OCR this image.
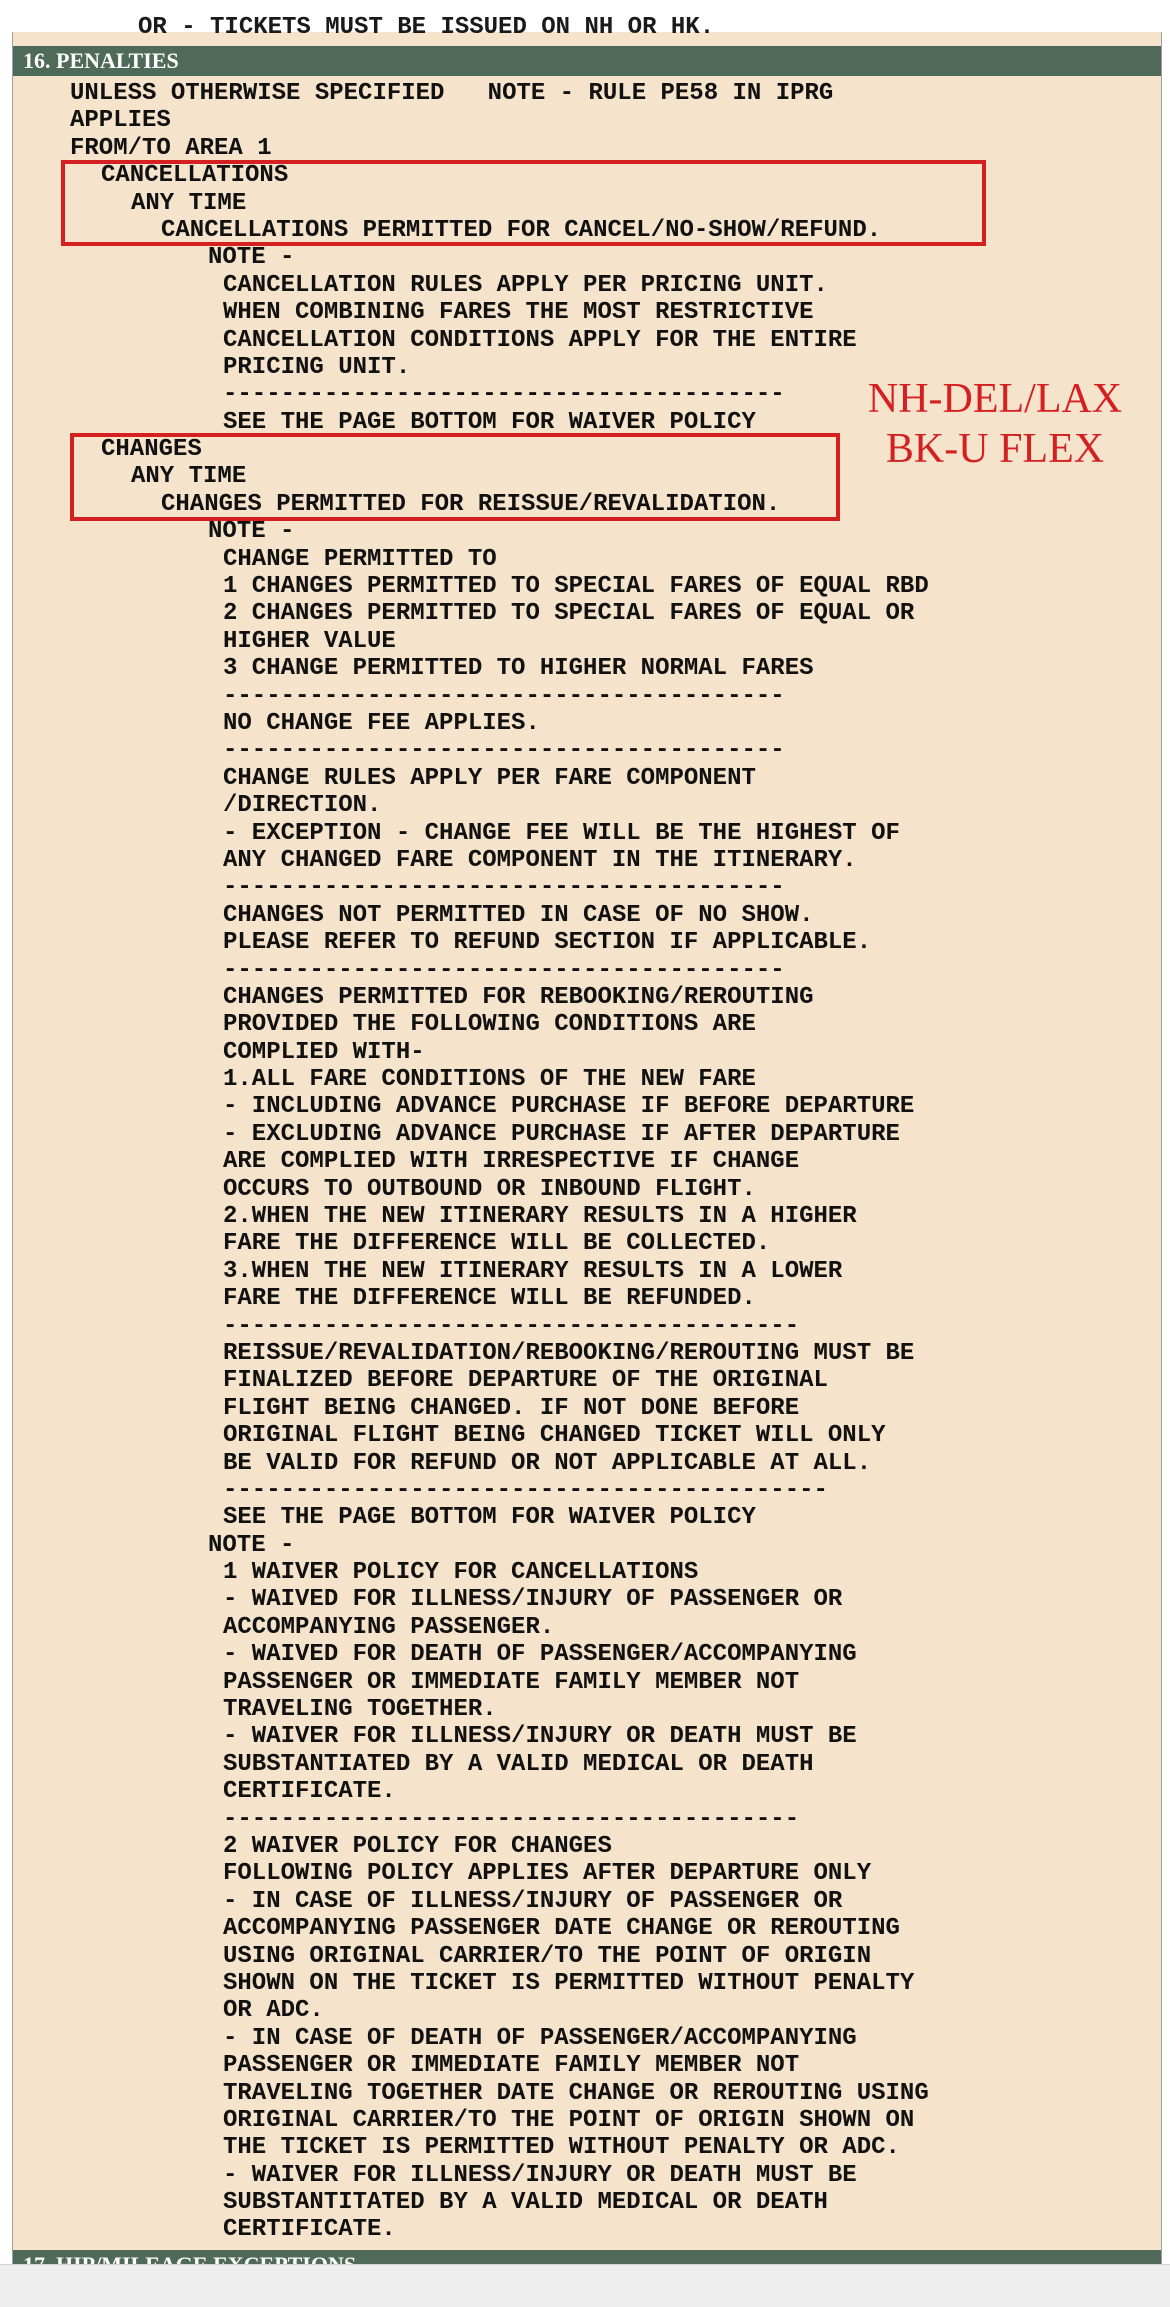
OR - TICKETS MUST BE ISSUED ON NH OR HK.
16. PENALTIES
UNLESS OTHERWISE SPECIFIED   NOTE - RULE PE58 IN IPRG
APPLIES
FROM/TO AREA 1
CANCELLATIONS
ANY TIME
CANCELLATIONS PERMITTED FOR CANCEL/NO-SHOW/REFUND.
NOTE -
CANCELLATION RULES APPLY PER PRICING UNIT.
WHEN COMBINING FARES THE MOST RESTRICTIVE
CANCELLATION CONDITIONS APPLY FOR THE ENTIRE
PRICING UNIT.
---------------------------------------
SEE THE PAGE BOTTOM FOR WAIVER POLICY
CHANGES
ANY TIME
CHANGES PERMITTED FOR REISSUE/REVALIDATION.
NOTE -
CHANGE PERMITTED TO
1 CHANGES PERMITTED TO SPECIAL FARES OF EQUAL RBD
2 CHANGES PERMITTED TO SPECIAL FARES OF EQUAL OR
HIGHER VALUE
3 CHANGE PERMITTED TO HIGHER NORMAL FARES
---------------------------------------
NO CHANGE FEE APPLIES.
---------------------------------------
CHANGE RULES APPLY PER FARE COMPONENT
/DIRECTION.
- EXCEPTION - CHANGE FEE WILL BE THE HIGHEST OF
ANY CHANGED FARE COMPONENT IN THE ITINERARY.
---------------------------------------
CHANGES NOT PERMITTED IN CASE OF NO SHOW.
PLEASE REFER TO REFUND SECTION IF APPLICABLE.
---------------------------------------
CHANGES PERMITTED FOR REBOOKING/REROUTING
PROVIDED THE FOLLOWING CONDITIONS ARE
COMPLIED WITH-
1.ALL FARE CONDITIONS OF THE NEW FARE
- INCLUDING ADVANCE PURCHASE IF BEFORE DEPARTURE
- EXCLUDING ADVANCE PURCHASE IF AFTER DEPARTURE
ARE COMPLIED WITH IRRESPECTIVE IF CHANGE
OCCURS TO OUTBOUND OR INBOUND FLIGHT.
2.WHEN THE NEW ITINERARY RESULTS IN A HIGHER
FARE THE DIFFERENCE WILL BE COLLECTED.
3.WHEN THE NEW ITINERARY RESULTS IN A LOWER
FARE THE DIFFERENCE WILL BE REFUNDED.
----------------------------------------
REISSUE/REVALIDATION/REBOOKING/REROUTING MUST BE
FINALIZED BEFORE DEPARTURE OF THE ORIGINAL
FLIGHT BEING CHANGED. IF NOT DONE BEFORE
ORIGINAL FLIGHT BEING CHANGED TICKET WILL ONLY
BE VALID FOR REFUND OR NOT APPLICABLE AT ALL.
------------------------------------------
SEE THE PAGE BOTTOM FOR WAIVER POLICY
NOTE -
1 WAIVER POLICY FOR CANCELLATIONS
- WAIVED FOR ILLNESS/INJURY OF PASSENGER OR
ACCOMPANYING PASSENGER.
- WAIVED FOR DEATH OF PASSENGER/ACCOMPANYING
PASSENGER OR IMMEDIATE FAMILY MEMBER NOT
TRAVELING TOGETHER.
- WAIVER FOR ILLNESS/INJURY OR DEATH MUST BE
SUBSTANTIATED BY A VALID MEDICAL OR DEATH
CERTIFICATE.
----------------------------------------
2 WAIVER POLICY FOR CHANGES
FOLLOWING POLICY APPLIES AFTER DEPARTURE ONLY
- IN CASE OF ILLNESS/INJURY OF PASSENGER OR
ACCOMPANYING PASSENGER DATE CHANGE OR REROUTING
USING ORIGINAL CARRIER/TO THE POINT OF ORIGIN
SHOWN ON THE TICKET IS PERMITTED WITHOUT PENALTY
OR ADC.
- IN CASE OF DEATH OF PASSENGER/ACCOMPANYING
PASSENGER OR IMMEDIATE FAMILY MEMBER NOT
TRAVELING TOGETHER DATE CHANGE OR REROUTING USING
ORIGINAL CARRIER/TO THE POINT OF ORIGIN SHOWN ON
THE TICKET IS PERMITTED WITHOUT PENALTY OR ADC.
- WAIVER FOR ILLNESS/INJURY OR DEATH MUST BE
SUBSTANTITATED BY A VALID MEDICAL OR DEATH
CERTIFICATE.
NH-DEL/LAX
BK-U FLEX
